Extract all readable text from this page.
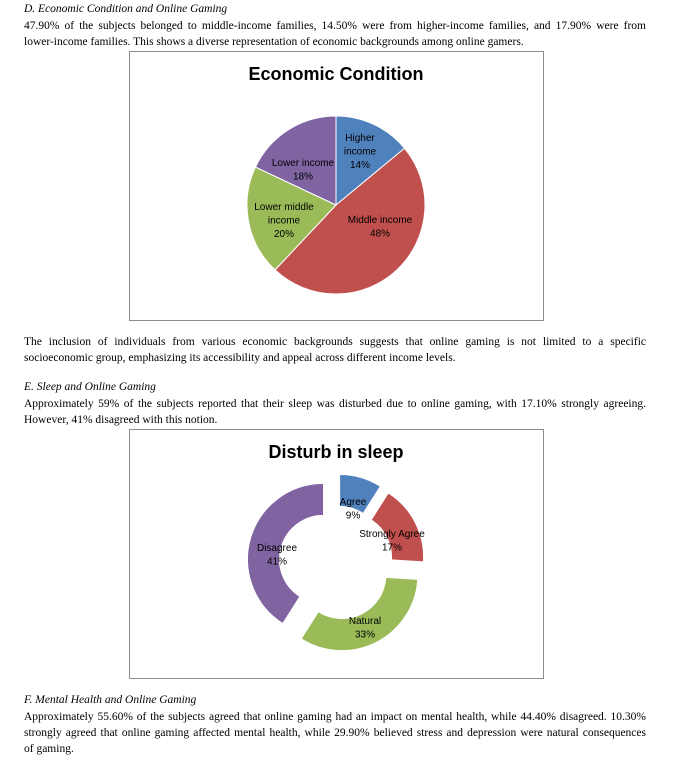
D. Economic Condition and Online Gaming
47.90% of the subjects belonged to middle-income families, 14.50% were from higher-income families, and 17.90% were from
lower-income families. This shows a diverse representation of economic backgrounds among online gamers.
Economic Condition
Higher
income
14%
Middle income
48%
Lower middle
income
20%
Lower income
18%
The inclusion of individuals from various economic backgrounds suggests that online gaming is not limited to a specific
socioeconomic group, emphasizing its accessibility and appeal across different income levels.
E. Sleep and Online Gaming
Approximately 59% of the subjects reported that their sleep was disturbed due to online gaming, with 17.10% strongly agreeing.
However, 41% disagreed with this notion.
Disturb in sleep
Agree
9%
Strongly Agree
17%
Natural
33%
Disagree
41%
F. Mental Health and Online Gaming
Approximately 55.60% of the subjects agreed that online gaming had an impact on mental health, while 44.40% disagreed. 10.30%
strongly agreed that online gaming affected mental health, while 29.90% believed stress and depression were natural consequences
of gaming.
